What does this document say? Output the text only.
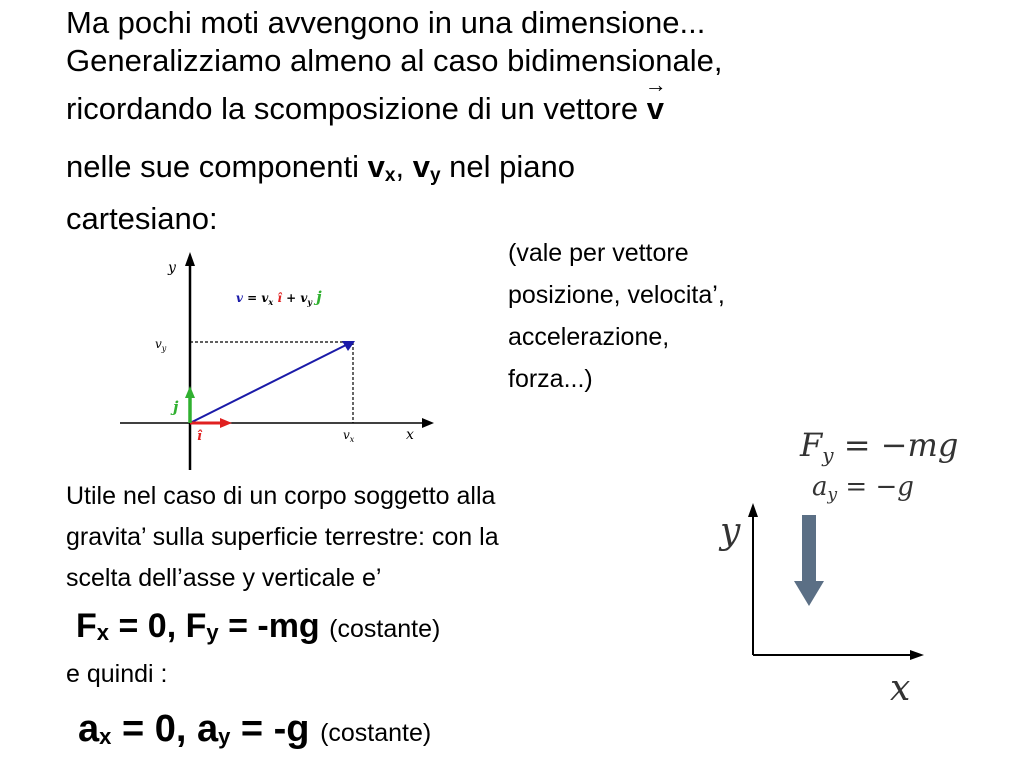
Ma pochi moti avvengono in una dimensione...
Generalizziamo almeno al caso bidimensionale,
ricordando la scomposizione di un vettore
→
v
nelle sue componenti $v_x$, $v_y$ nel piano
cartesiano:
y
x
$v_y$
$v_x$
î
j
$v = v_x$ î + $v_y$ j
(vale per vettore
posizione, velocita’,
accelerazione,
forza...)
Fy = −mg
ay = −g
y
x
Utile nel caso di un corpo soggetto alla
gravita’ sulla superficie terrestre: con la
scelta dell’asse y verticale e’
Fx = 0, Fy = -mg (costante)
e quindi :
ax = 0, ay = -g (costante)
